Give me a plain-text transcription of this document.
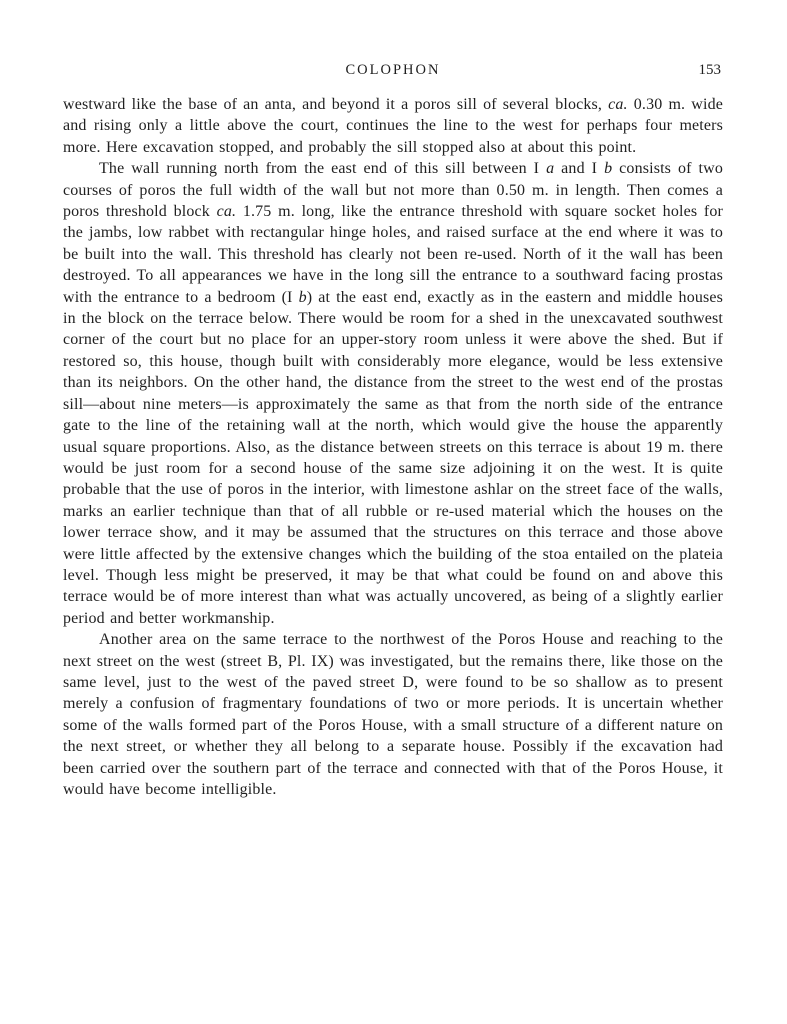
COLOPHON	153

westward like the base of an anta, and beyond it a poros sill of several blocks, ca. 0.30 m. wide and rising only a little above the court, continues the line to the west for perhaps four meters more. Here excavation stopped, and probably the sill stopped also at about this point.

The wall running north from the east end of this sill between I a and I b consists of two courses of poros the full width of the wall but not more than 0.50 m. in length. Then comes a poros threshold block ca. 1.75 m. long, like the entrance threshold with square socket holes for the jambs, low rabbet with rectangular hinge holes, and raised surface at the end where it was to be built into the wall. This threshold has clearly not been re-used. North of it the wall has been destroyed. To all appearances we have in the long sill the entrance to a southward facing prostas with the entrance to a bedroom (I b) at the east end, exactly as in the eastern and middle houses in the block on the terrace below. There would be room for a shed in the unexcavated southwest corner of the court but no place for an upper-story room unless it were above the shed. But if restored so, this house, though built with considerably more elegance, would be less extensive than its neighbors. On the other hand, the distance from the street to the west end of the prostas sill—about nine meters—is approximately the same as that from the north side of the entrance gate to the line of the retaining wall at the north, which would give the house the apparently usual square proportions. Also, as the distance between streets on this terrace is about 19 m. there would be just room for a second house of the same size adjoining it on the west. It is quite probable that the use of poros in the interior, with limestone ashlar on the street face of the walls, marks an earlier technique than that of all rubble or re-used material which the houses on the lower terrace show, and it may be assumed that the structures on this terrace and those above were little affected by the extensive changes which the building of the stoa entailed on the plateia level. Though less might be preserved, it may be that what could be found on and above this terrace would be of more interest than what was actually uncovered, as being of a slightly earlier period and better workmanship.

Another area on the same terrace to the northwest of the Poros House and reaching to the next street on the west (street B, Pl. IX) was investigated, but the remains there, like those on the same level, just to the west of the paved street D, were found to be so shallow as to present merely a confusion of fragmentary foundations of two or more periods. It is uncertain whether some of the walls formed part of the Poros House, with a small structure of a different nature on the next street, or whether they all belong to a separate house. Possibly if the excavation had been carried over the southern part of the terrace and connected with that of the Poros House, it would have become intelligible.
